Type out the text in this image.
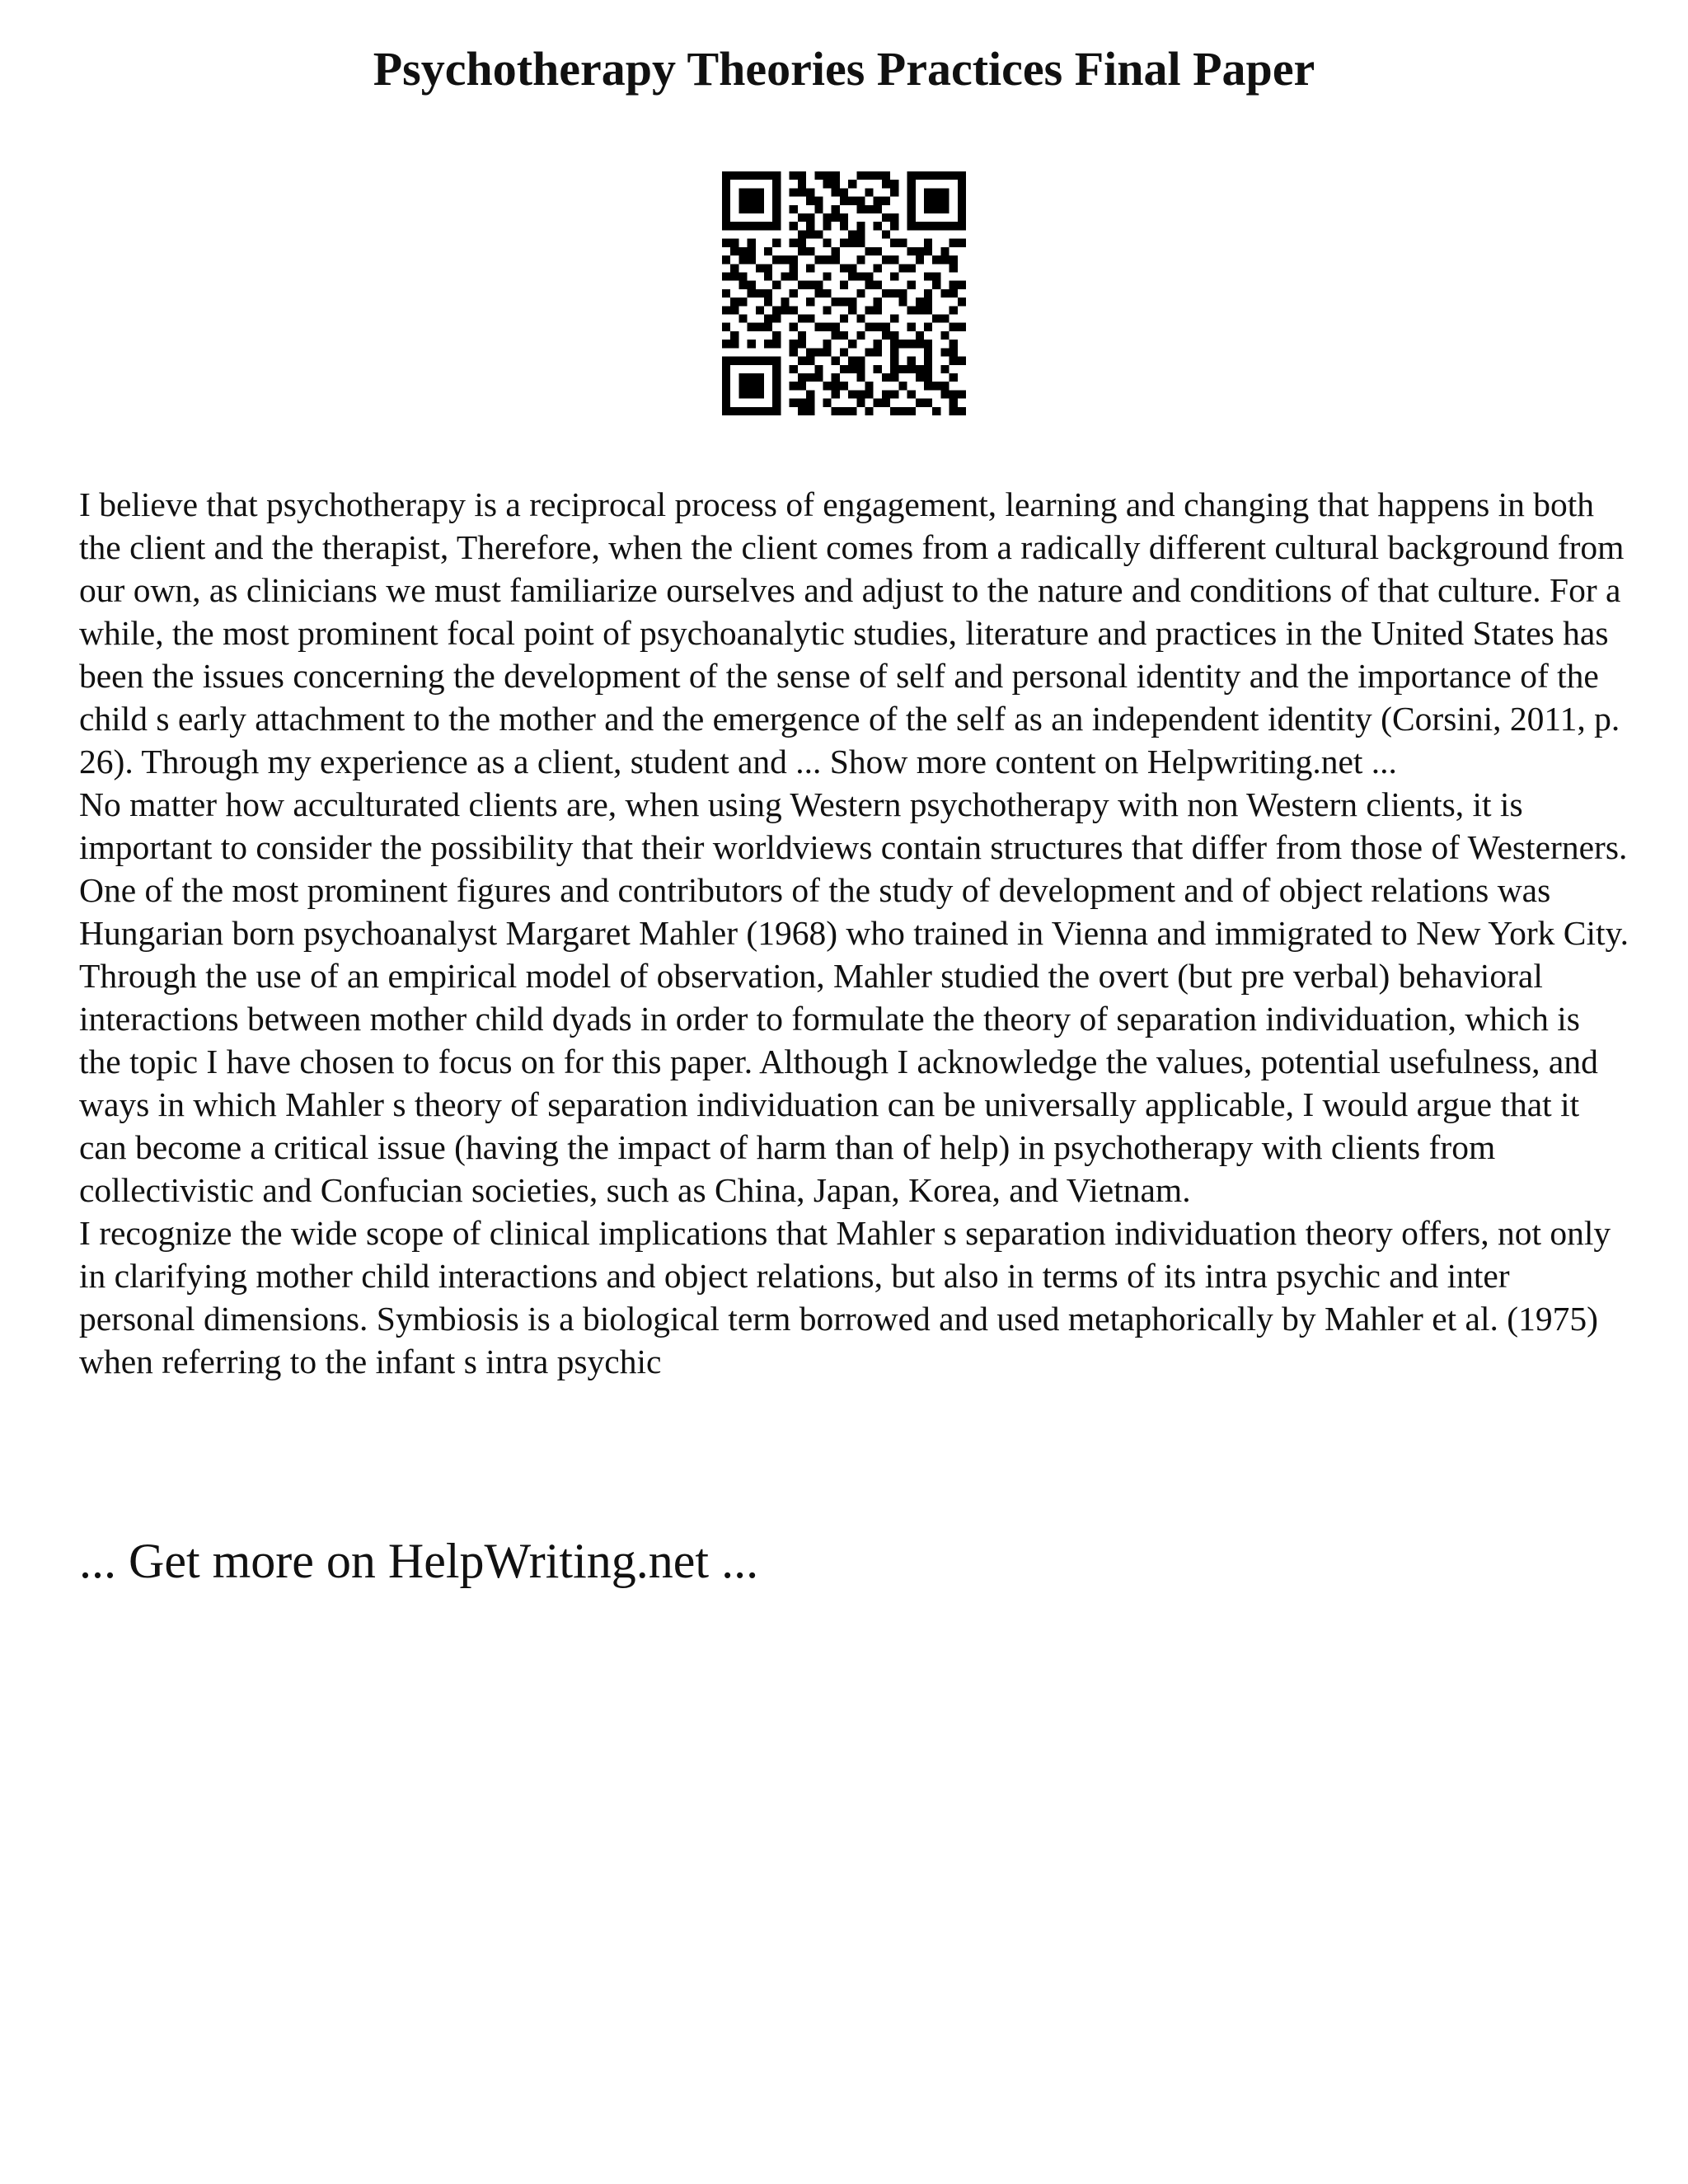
Psychotherapy Theories Practices Final Paper

I believe that psychotherapy is a reciprocal process of engagement, learning and changing that happens in both the client and the therapist, Therefore, when the client comes from a radically different cultural background from our own, as clinicians we must familiarize ourselves and adjust to the nature and conditions of that culture. For a while, the most prominent focal point of psychoanalytic studies, literature and practices in the United States has been the issues concerning the development of the sense of self and personal identity and the importance of the child s early attachment to the mother and the emergence of the self as an independent identity (Corsini, 2011, p. 26). Through my experience as a client, student and ... Show more content on Helpwriting.net ...

No matter how acculturated clients are, when using Western psychotherapy with non Western clients, it is important to consider the possibility that their worldviews contain structures that differ from those of Westerners. One of the most prominent figures and contributors of the study of development and of object relations was Hungarian born psychoanalyst Margaret Mahler (1968) who trained in Vienna and immigrated to New York City. Through the use of an empirical model of observation, Mahler studied the overt (but pre verbal) behavioral interactions between mother child dyads in order to formulate the theory of separation individuation, which is the topic I have chosen to focus on for this paper. Although I acknowledge the values, potential usefulness, and ways in which Mahler s theory of separation individuation can be universally applicable, I would argue that it can become a critical issue (having the impact of harm than of help) in psychotherapy with clients from collectivistic and Confucian societies, such as China, Japan, Korea, and Vietnam.

I recognize the wide scope of clinical implications that Mahler s separation individuation theory offers, not only in clarifying mother child interactions and object relations, but also in terms of its intra psychic and inter personal dimensions. Symbiosis is a biological term borrowed and used metaphorically by Mahler et al. (1975) when referring to the infant s intra psychic

... Get more on HelpWriting.net ...
